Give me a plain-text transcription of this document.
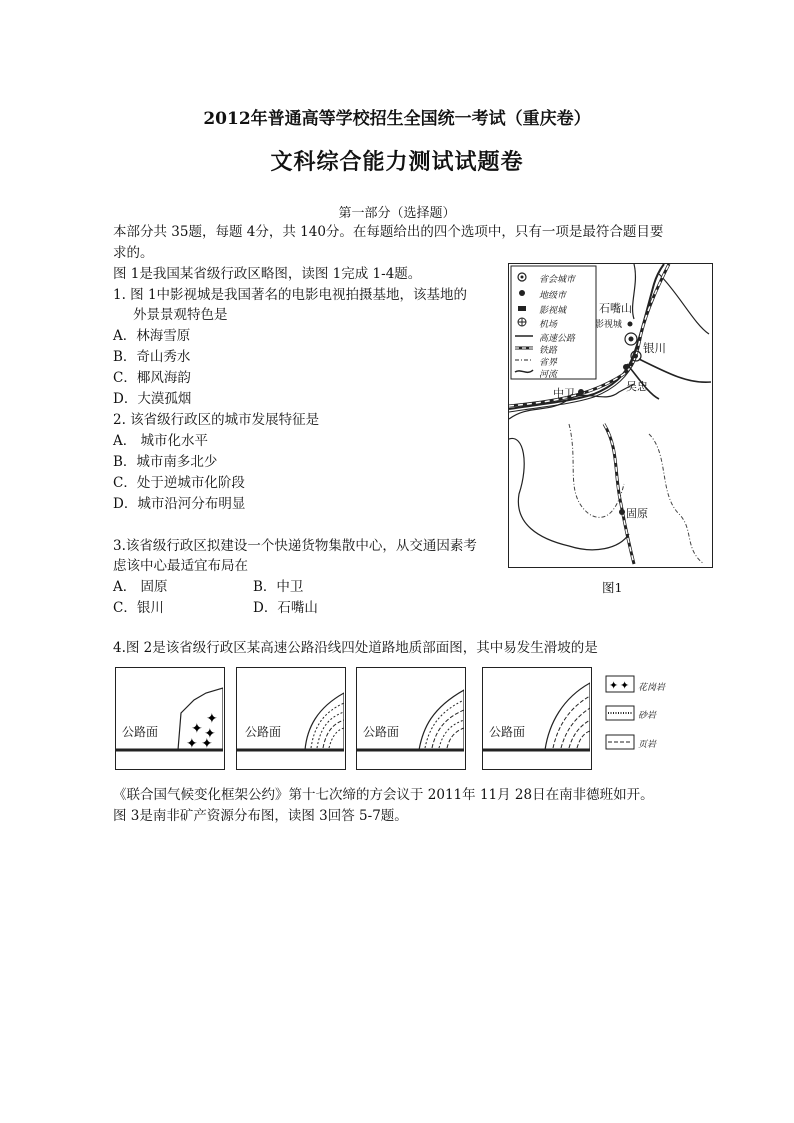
2012年普通高等学校招生全国统一考试（重庆卷）
文科综合能力测试试题卷
第一部分（选择题）
本部分共 35题，每题 4分，共 140分。在每题给出的四个选项中，只有一项是最符合题目要
求的。
图 1是我国某省级行政区略图，读图 1完成 1-4题。
1. 图 1中影视城是我国著名的电影电视拍摄基地，该基地的
外景景观特色是
A．林海雪原
B．奇山秀水
C．椰风海韵
D．大漠孤烟
2. 该省级行政区的城市发展特征是
A． 城市化水平
B．城市南多北少
C．处于逆城市化阶段
D．城市沿河分布明显
3.该省级行政区拟建设一个快递货物集散中心，从交通因素考
虑该中心最适宜布局在
A． 固原	B．中卫
C．银川	D．石嘴山
省会城市
地级市
影视城
机场
高速公路
铁路
省界
河流
石嘴山
影视城
银川
吴忠
中卫
固原
图1
4.图 2是该省级行政区某高速公路沿线四处道路地质部面图，其中易发生滑坡的是
✦
✦ ✦
✦ ✦
公路面	公路面	公路面	公路面
✦ ✦ 花岗岩
砂岩
页岩
《联合国气候变化框架公约》第十七次缔的方会议于 2011年 11月 28日在南非德班如开。
图 3是南非矿产资源分布图，读图 3回答 5-7题。
